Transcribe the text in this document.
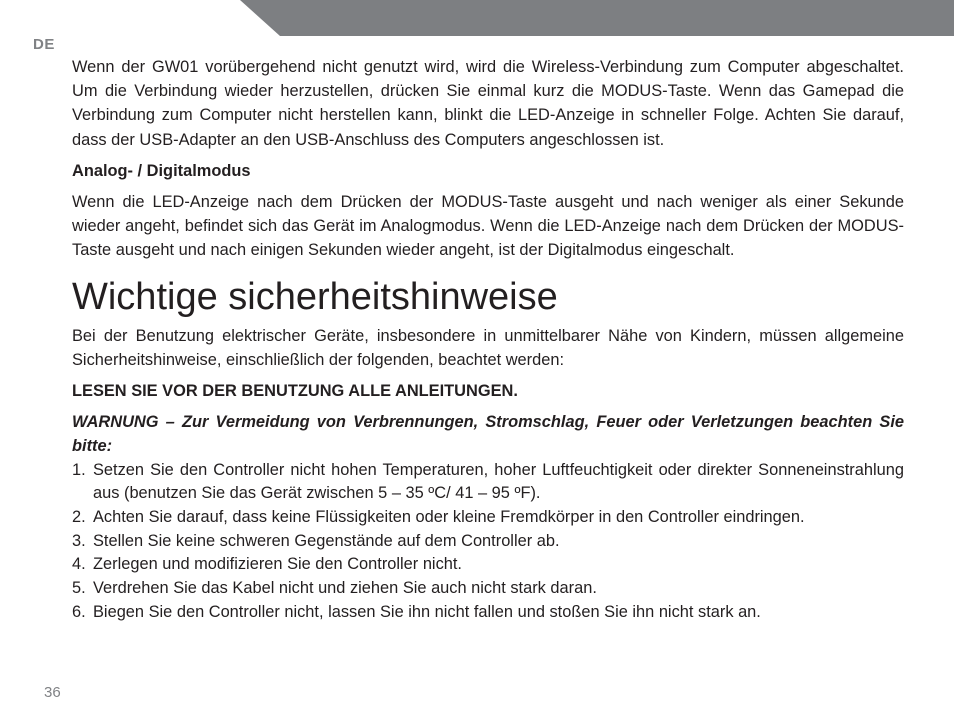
DE

Wenn der GW01 vorübergehend nicht genutzt wird, wird die Wireless-Verbindung zum Computer abgeschaltet. Um die Verbindung wieder herzustellen, drücken Sie einmal kurz die MODUS-Taste. Wenn das Gamepad die Verbindung zum Computer nicht herstellen kann, blinkt die LED-Anzeige in schneller Folge. Achten Sie darauf, dass der USB-Adapter an den USB-Anschluss des Computers angeschlossen ist.

Analog- / Digitalmodus

Wenn die LED-Anzeige nach dem Drücken der MODUS-Taste ausgeht und nach weniger als einer Sekunde wieder angeht, befindet sich das Gerät im Analogmodus. Wenn die LED-Anzeige nach dem Drücken der MODUS-Taste ausgeht und nach einigen Sekunden wieder angeht, ist der Digitalmodus eingeschalt.

Wichtige sicherheitshinweise

Bei der Benutzung elektrischer Geräte, insbesondere in unmittelbarer Nähe von Kindern, müssen allgemeine Sicherheitshinweise, einschließlich der folgenden, beachtet werden:

LESEN SIE VOR DER BENUTZUNG ALLE ANLEITUNGEN.

WARNUNG – Zur Vermeidung von Verbrennungen, Stromschlag, Feuer oder Verletzungen beachten Sie bitte:

1. Setzen Sie den Controller nicht hohen Temperaturen, hoher Luftfeuchtigkeit oder direkter Sonneneinstrahlung aus (benutzen Sie das Gerät zwischen 5 – 35 ºC/ 41 – 95 ºF).
2. Achten Sie darauf, dass keine Flüssigkeiten oder kleine Fremdkörper in den Controller eindringen.
3. Stellen Sie keine schweren Gegenstände auf dem Controller ab.
4. Zerlegen und modifizieren Sie den Controller nicht.
5. Verdrehen Sie das Kabel nicht und ziehen Sie auch nicht stark daran.
6. Biegen Sie den Controller nicht, lassen Sie ihn nicht fallen und stoßen Sie ihn nicht stark an.
36
